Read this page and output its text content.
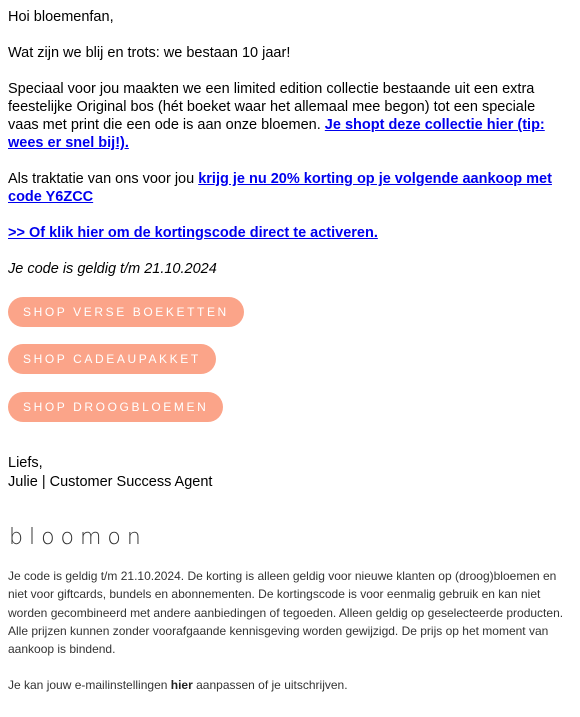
Hoi bloemenfan,

Wat zijn we blij en trots: we bestaan 10 jaar!

Speciaal voor jou maakten we een limited edition collectie bestaande uit een extra feestelijke Original bos (hét boeket waar het allemaal mee begon) tot een speciale vaas met print die een ode is aan onze bloemen. Je shopt deze collectie hier (tip: wees er snel bij!).

Als traktatie van ons voor jou krijg je nu 20% korting op je volgende aankoop met code Y6ZCC

>> Of klik hier om de kortingscode direct te activeren.

Je code is geldig t/m 21.10.2024

SHOP VERSE BOEKETTEN
SHOP CADEAUPAKKET
SHOP DROOGBLOEMEN
Liefs,
Julie | Customer Success Agent
bloomon

Je code is geldig t/m 21.10.2024. De korting is alleen geldig voor nieuwe klanten op (droog)bloemen en niet voor giftcards, bundels en abonnementen. De kortingscode is voor eenmalig gebruik en kan niet worden gecombineerd met andere aanbiedingen of tegoeden. Alleen geldig op geselecteerde producten. Alle prijzen kunnen zonder voorafgaande kennisgeving worden gewijzigd. De prijs op het moment van aankoop is bindend.

Je kan jouw e-mailinstellingen hier aanpassen of je uitschrijven.
